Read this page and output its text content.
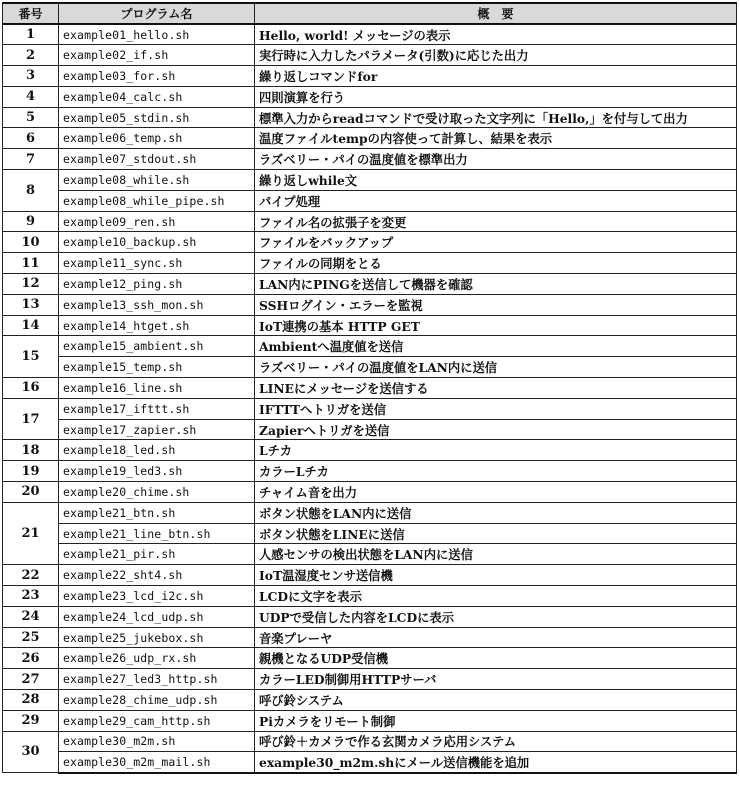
番号	プログラム名	概　要
1	example01_hello.sh	Hello, world! メッセージの表示
2	example02_if.sh	実行時に入力したパラメータ(引数)に応じた出力
3	example03_for.sh	繰り返しコマンドfor
4	example04_calc.sh	四則演算を行う
5	example05_stdin.sh	標準入力からreadコマンドで受け取った文字列に「Hello,」を付与して出力
6	example06_temp.sh	温度ファイルtempの内容使って計算し、結果を表示
7	example07_stdout.sh	ラズベリー・パイの温度値を標準出力
8	example08_while.sh	繰り返しwhile文
	example08_while_pipe.sh	パイプ処理
9	example09_ren.sh	ファイル名の拡張子を変更
10	example10_backup.sh	ファイルをバックアップ
11	example11_sync.sh	ファイルの同期をとる
12	example12_ping.sh	LAN内にPINGを送信して機器を確認
13	example13_ssh_mon.sh	SSHログイン・エラーを監視
14	example14_htget.sh	IoT連携の基本 HTTP GET
15	example15_ambient.sh	Ambientへ温度値を送信
	example15_temp.sh	ラズベリー・パイの温度値をLAN内に送信
16	example16_line.sh	LINEにメッセージを送信する
17	example17_ifttt.sh	IFTTTへトリガを送信
	example17_zapier.sh	Zapierへトリガを送信
18	example18_led.sh	Lチカ
19	example19_led3.sh	カラーLチカ
20	example20_chime.sh	チャイム音を出力
21	example21_btn.sh	ボタン状態をLAN内に送信
	example21_line_btn.sh	ボタン状態をLINEに送信
	example21_pir.sh	人感センサの検出状態をLAN内に送信
22	example22_sht4.sh	IoT温湿度センサ送信機
23	example23_lcd_i2c.sh	LCDに文字を表示
24	example24_lcd_udp.sh	UDPで受信した内容をLCDに表示
25	example25_jukebox.sh	音楽プレーヤ
26	example26_udp_rx.sh	親機となるUDP受信機
27	example27_led3_http.sh	カラーLED制御用HTTPサーバ
28	example28_chime_udp.sh	呼び鈴システム
29	example29_cam_http.sh	Piカメラをリモート制御
30	example30_m2m.sh	呼び鈴＋カメラで作る玄関カメラ応用システム
	example30_m2m_mail.sh	example30_m2m.shにメール送信機能を追加
